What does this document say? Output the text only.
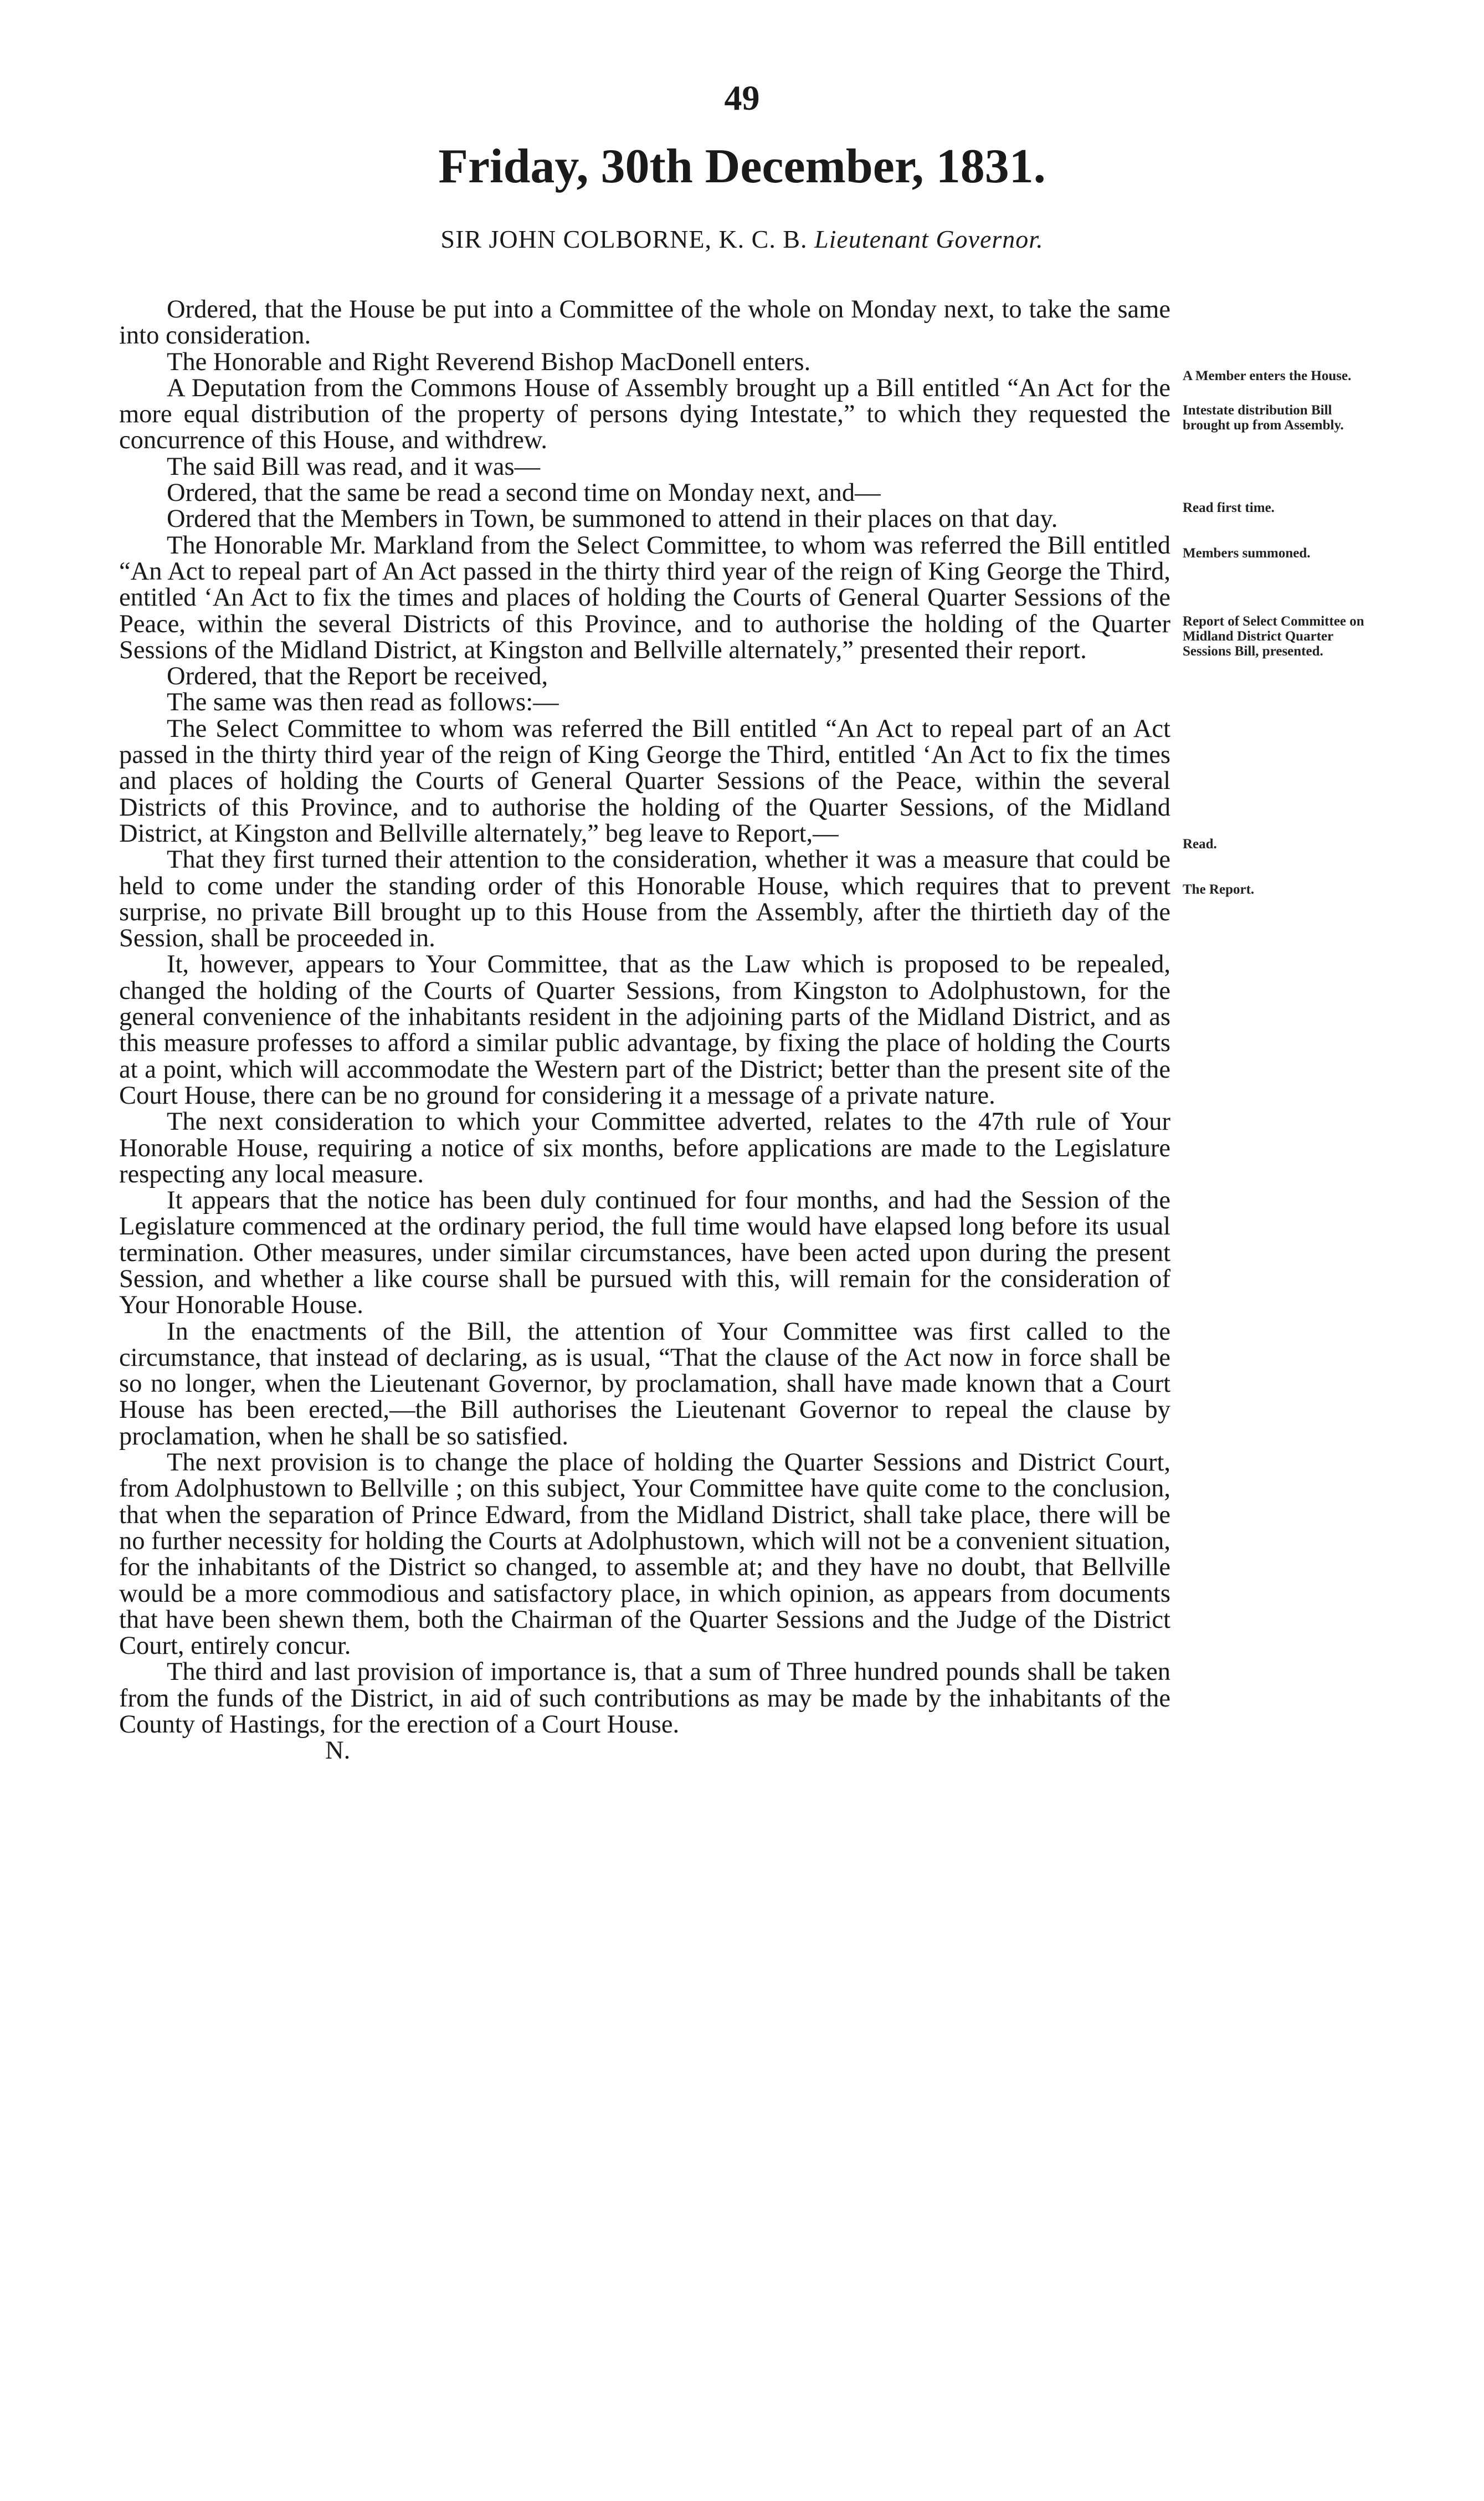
49
Friday, 30th December, 1831.
SIR JOHN COLBORNE, K. C. B. Lieutenant Governor.

Ordered, that the House be put into a Committee of the whole on Monday next, to take the same into consideration.

The Honorable and Right Reverend Bishop MacDonell enters.

A Deputation from the Commons House of Assembly brought up a Bill entitled “An Act for the more equal distribution of the property of persons dying Intestate,” to which they requested the concurrence of this House, and withdrew.

The said Bill was read, and it was—

Ordered, that the same be read a second time on Monday next, and—

Ordered that the Members in Town, be summoned to attend in their places on that day.

The Honorable Mr. Markland from the Select Committee, to whom was referred the Bill entitled “An Act to repeal part of An Act passed in the thirty third year of the reign of King George the Third, entitled ‘An Act to fix the times and places of holding the Courts of General Quarter Sessions of the Peace, within the several Districts of this Province, and to authorise the holding of the Quarter Sessions of the Midland District, at Kingston and Bellville alternately,” presented their report.

Ordered, that the Report be received,

The same was then read as follows:—

The Select Committee to whom was referred the Bill entitled “An Act to repeal part of an Act passed in the thirty third year of the reign of King George the Third, entitled ‘An Act to fix the times and places of holding the Courts of General Quarter Sessions of the Peace, within the several Districts of this Province, and to authorise the holding of the Quarter Sessions, of the Midland District, at Kingston and Bellville alternately,” beg leave to Report,—

That they first turned their attention to the consideration, whether it was a measure that could be held to come under the standing order of this Honorable House, which requires that to prevent surprise, no private Bill brought up to this House from the Assembly, after the thirtieth day of the Session, shall be proceeded in.

It, however, appears to Your Committee, that as the Law which is proposed to be repealed, changed the holding of the Courts of Quarter Sessions, from Kingston to Adolphustown, for the general convenience of the inhabitants resident in the adjoining parts of the Midland District, and as this measure professes to afford a similar public advantage, by fixing the place of holding the Courts at a point, which will accommodate the Western part of the District; better than the present site of the Court House, there can be no ground for considering it a message of a private nature.

The next consideration to which your Committee adverted, relates to the 47th rule of Your Honorable House, requiring a notice of six months, before applications are made to the Legislature respecting any local measure.

It appears that the notice has been duly continued for four months, and had the Session of the Legislature commenced at the ordinary period, the full time would have elapsed long before its usual termination. Other measures, under similar circumstances, have been acted upon during the present Session, and whether a like course shall be pursued with this, will remain for the consideration of Your Honorable House.

In the enactments of the Bill, the attention of Your Committee was first called to the circumstance, that instead of declaring, as is usual, “That the clause of the Act now in force shall be so no longer, when the Lieutenant Governor, by proclamation, shall have made known that a Court House has been erected,—the Bill authorises the Lieutenant Governor to repeal the clause by proclamation, when he shall be so satisfied.

The next provision is to change the place of holding the Quarter Sessions and District Court, from Adolphustown to Bellville ; on this subject, Your Committee have quite come to the conclusion, that when the separation of Prince Edward, from the Midland District, shall take place, there will be no further necessity for holding the Courts at Adolphustown, which will not be a convenient situation, for the inhabitants of the District so changed, to assemble at; and they have no doubt, that Bellville would be a more commodious and satisfactory place, in which opinion, as appears from documents that have been shewn them, both the Chairman of the Quarter Sessions and the Judge of the District Court, entirely concur.

The third and last provision of importance is, that a sum of Three hundred pounds shall be taken from the funds of the District, in aid of such contributions as may be made by the inhabitants of the County of Hastings, for the erection of a Court House.

N.

A Member enters the House.
Intestate distribution Bill brought up from Assembly.
Read first time.
Members summoned.
Report of Select Committee on Midland District Quarter Sessions Bill, presented.
Read.
The Report.
